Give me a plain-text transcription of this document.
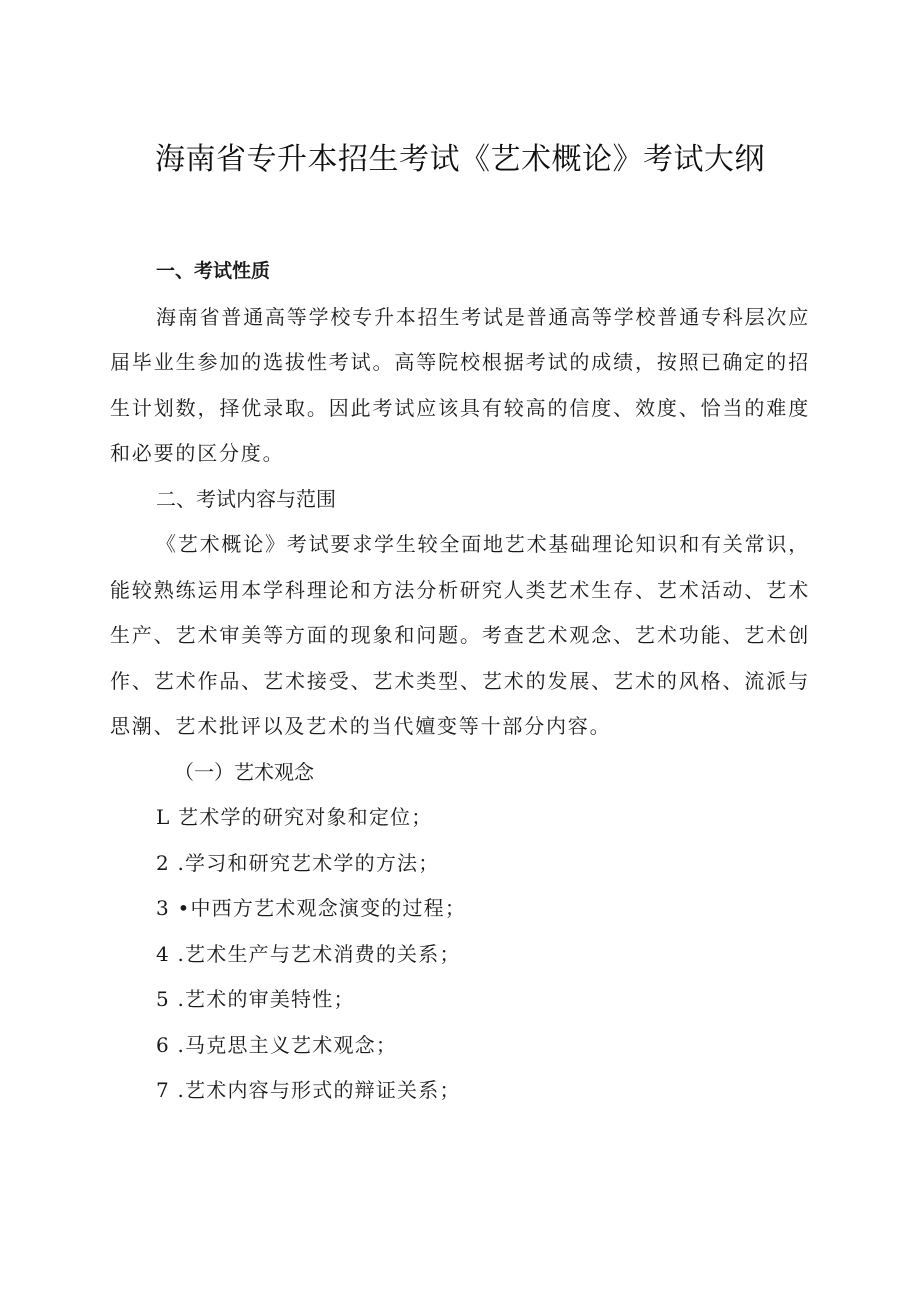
海南省专升本招生考试《艺术概论》考试大纲

一、考试性质

海南省普通高等学校专升本招生考试是普通高等学校普通专科层次应届毕业生参加的选拔性考试。高等院校根据考试的成绩，按照已确定的招生计划数，择优录取。因此考试应该具有较高的信度、效度、恰当的难度和必要的区分度。

二、考试内容与范围

《艺术概论》考试要求学生较全面地艺术基础理论知识和有关常识，能较熟练运用本学科理论和方法分析研究人类艺术生存、艺术活动、艺术生产、艺术审美等方面的现象和问题。考查艺术观念、艺术功能、艺术创作、艺术作品、艺术接受、艺术类型、艺术的发展、艺术的风格、流派与思潮、艺术批评以及艺术的当代嬗变等十部分内容。

（一）艺术观念

L 艺术学的研究对象和定位；

2 .学习和研究艺术学的方法；

3 •中西方艺术观念演变的过程；

4 .艺术生产与艺术消费的关系；

5 .艺术的审美特性；

6 .马克思主义艺术观念；

7 .艺术内容与形式的辩证关系；
